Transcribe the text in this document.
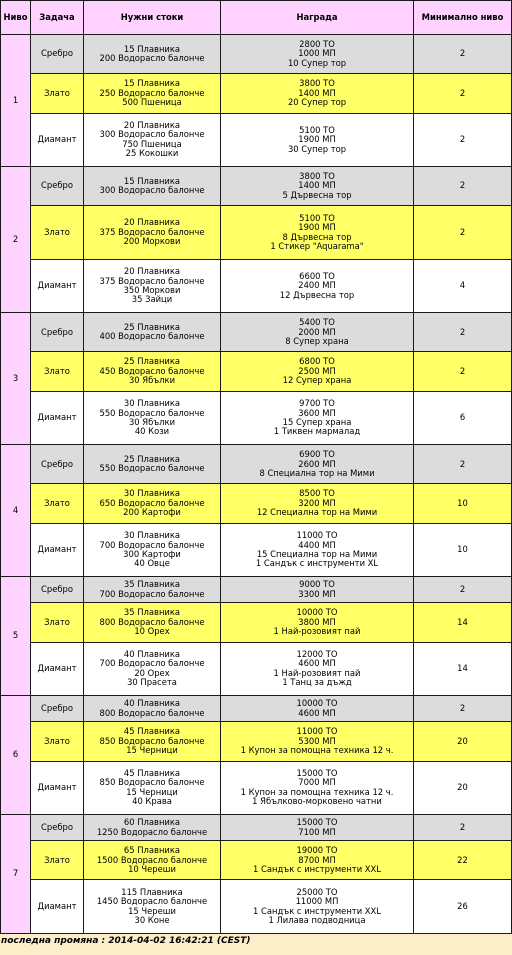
Ниво	Задача	Нужни стоки	Награда	Минимално ниво
1	Сребро	15 Плавника
200 Водорасло балонче	2800 ТО
1000 МП
10 Супер тор	2
	Злато	15 Плавника
250 Водорасло балонче
500 Пшеница	3800 ТО
1400 МП
20 Супер тор	2
	Диамант	20 Плавника
300 Водорасло балонче
750 Пшеница
25 Кокошки	5100 ТО
1900 МП
30 Супер тор	2
2	Сребро	15 Плавника
300 Водорасло балонче	3800 ТО
1400 МП
5 Дървесна тор	2
	Злато	20 Плавника
375 Водорасло балонче
200 Моркови	5100 ТО
1900 МП
8 Дървесна тор
1 Стикер "Aquarama"	2
	Диамант	20 Плавника
375 Водорасло балонче
350 Моркови
35 Зайци	6600 ТО
2400 МП
12 Дървесна тор	4
3	Сребро	25 Плавника
400 Водорасло балонче	5400 ТО
2000 МП
8 Супер храна	2
	Злато	25 Плавника
450 Водорасло балонче
30 Ябълки	6800 ТО
2500 МП
12 Супер храна	2
	Диамант	30 Плавника
550 Водорасло балонче
30 Ябълки
40 Кози	9700 ТО
3600 МП
15 Супер храна
1 Тиквен мармалад	6
4	Сребро	25 Плавника
550 Водорасло балонче	6900 ТО
2600 МП
8 Специална тор на Мими	2
	Злато	30 Плавника
650 Водорасло балонче
200 Картофи	8500 ТО
3200 МП
12 Специална тор на Мими	10
	Диамант	30 Плавника
700 Водорасло балонче
300 Картофи
40 Овце	11000 ТО
4400 МП
15 Специална тор на Мими
1 Сандък с инструменти XL	10
5	Сребро	35 Плавника
700 Водорасло балонче	9000 ТО
3300 МП	2
	Злато	35 Плавника
800 Водорасло балонче
10 Орех	10000 ТО
3800 МП
1 Най-розовият пай	14
	Диамант	40 Плавника
700 Водорасло балонче
20 Орех
30 Прасета	12000 ТО
4600 МП
1 Най-розовият пай
1 Танц за дъжд	14
6	Сребро	40 Плавника
800 Водорасло балонче	10000 ТО
4600 МП	2
	Злато	45 Плавника
850 Водорасло балонче
15 Черници	11000 ТО
5300 МП
1 Купон за помощна техника 12 ч.	20
	Диамант	45 Плавника
850 Водорасло балонче
15 Черници
40 Крава	15000 ТО
7000 МП
1 Купон за помощна техника 12 ч.
1 Ябълково-морковено чатни	20
7	Сребро	60 Плавника
1250 Водорасло балонче	15000 ТО
7100 МП	2
	Злато	65 Плавника
1500 Водорасло балонче
10 Череши	19000 ТО
8700 МП
1 Сандък с инструменти XXL	22
	Диамант	115 Плавника
1450 Водорасло балонче
15 Череши
30 Коне	25000 ТО
11000 МП
1 Сандък с инструменти XXL
1 Лилава подводница	26
последна промяна : 2014-04-02 16:42:21 (CEST)
